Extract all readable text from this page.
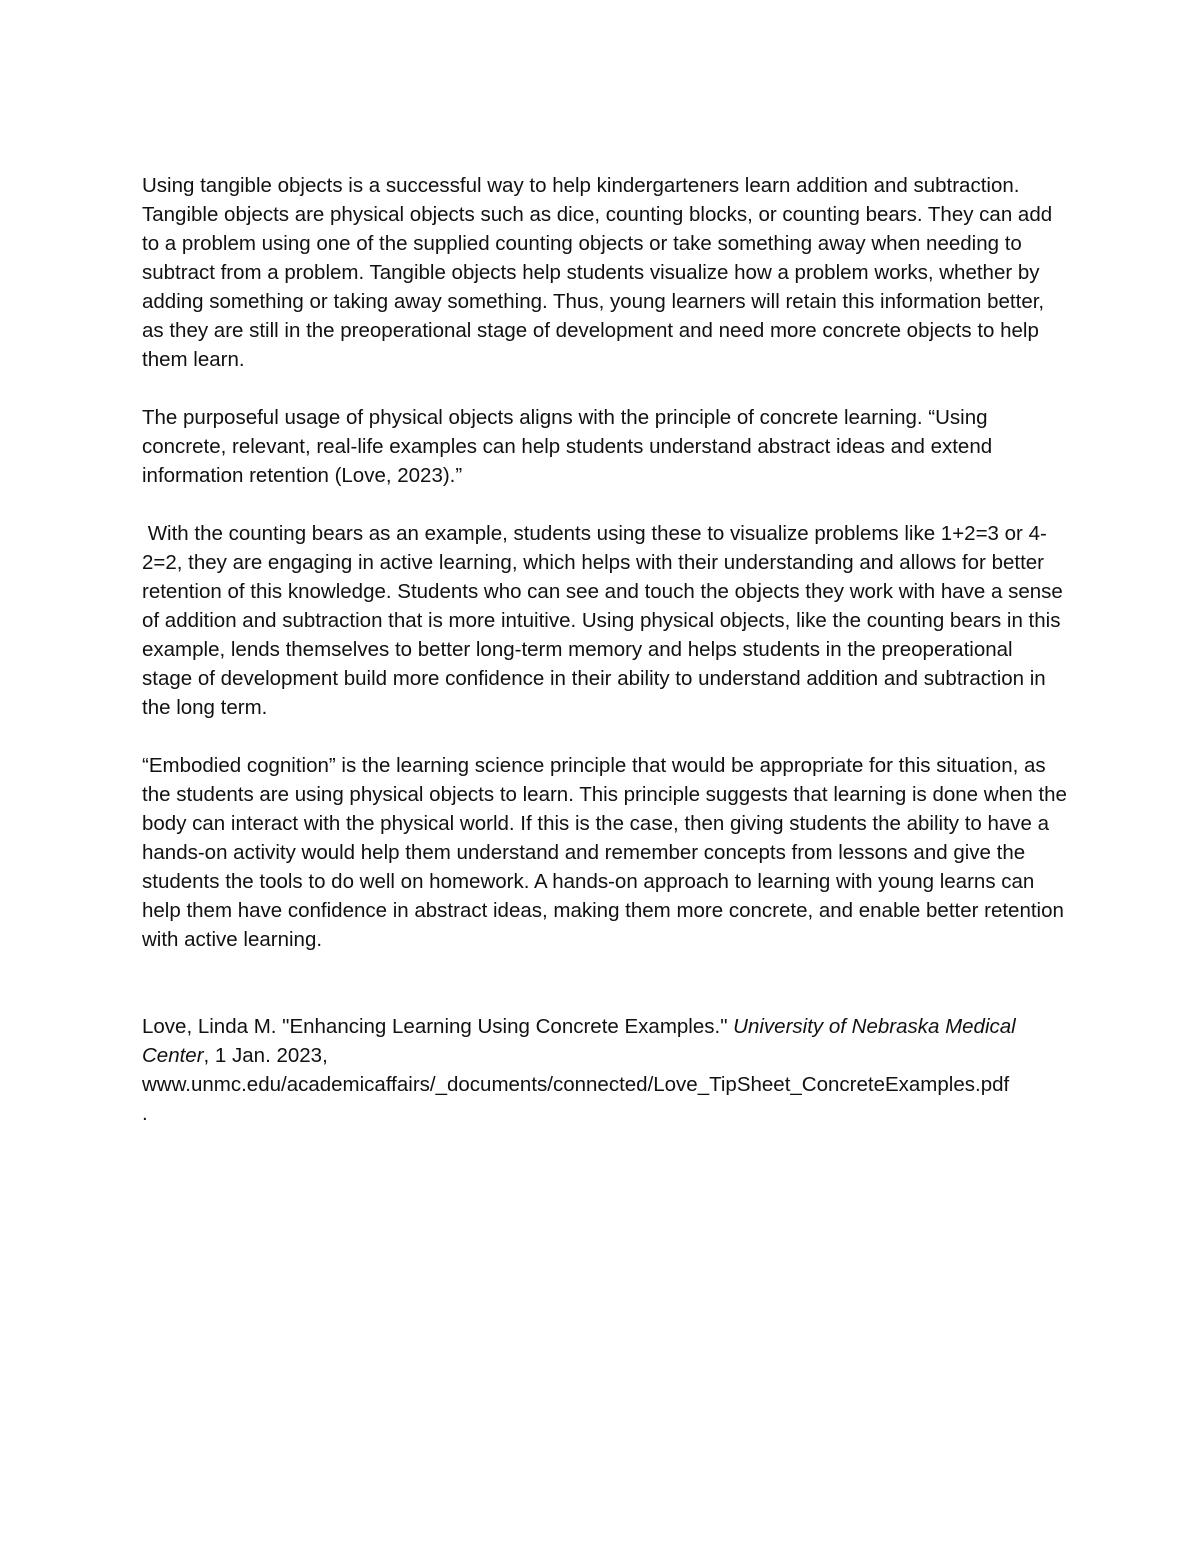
Using tangible objects is a successful way to help kindergarteners learn addition and subtraction. Tangible objects are physical objects such as dice, counting blocks, or counting bears. They can add to a problem using one of the supplied counting objects or take something away when needing to subtract from a problem. Tangible objects help students visualize how a problem works, whether by adding something or taking away something. Thus, young learners will retain this information better, as they are still in the preoperational stage of development and need more concrete objects to help them learn.

The purposeful usage of physical objects aligns with the principle of concrete learning. “Using concrete, relevant, real-life examples can help students understand abstract ideas and extend information retention (Love, 2023).”

With the counting bears as an example, students using these to visualize problems like 1+2=3 or 4-2=2, they are engaging in active learning, which helps with their understanding and allows for better retention of this knowledge. Students who can see and touch the objects they work with have a sense of addition and subtraction that is more intuitive. Using physical objects, like the counting bears in this example, lends themselves to better long-term memory and helps students in the preoperational stage of development build more confidence in their ability to understand addition and subtraction in the long term.

“Embodied cognition” is the learning science principle that would be appropriate for this situation, as the students are using physical objects to learn. This principle suggests that learning is done when the body can interact with the physical world. If this is the case, then giving students the ability to have a hands-on activity would help them understand and remember concepts from lessons and give the students the tools to do well on homework. A hands-on approach to learning with young learns can help them have confidence in abstract ideas, making them more concrete, and enable better retention with active learning.

Love, Linda M. "Enhancing Learning Using Concrete Examples." University of Nebraska Medical Center, 1 Jan. 2023,
www.unmc.edu/academicaffairs/_documents/connected/Love_TipSheet_ConcreteExamples.pdf
.
